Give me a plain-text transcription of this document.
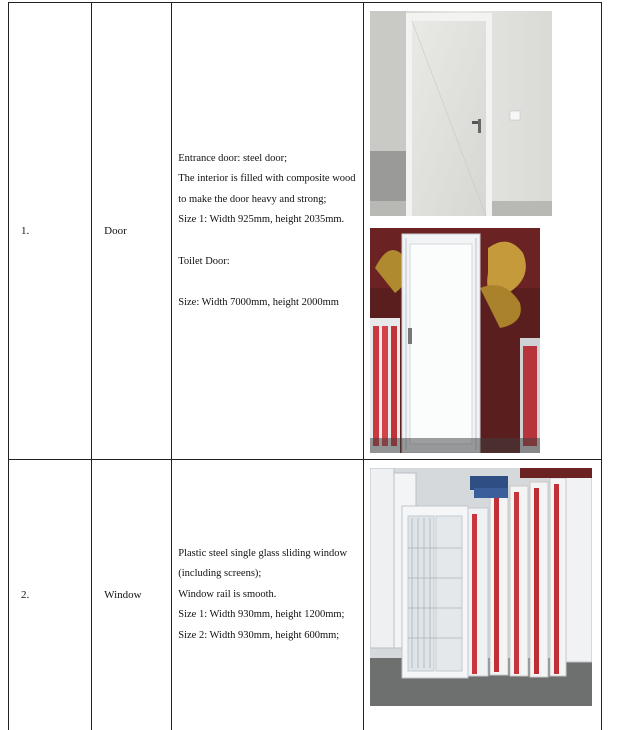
1.	Door	Entrance door: steel door;

The interior is filled with composite wood to make the door heavy and strong;

Size 1: Width 925mm, height 2035mm.

Toilet Door:

Size: Width 7000mm, height 2000mm

2.	Window	Plastic steel single glass sliding window (including screens);

Window rail is smooth.

Size 1: Width 930mm, height 1200mm;

Size 2: Width 930mm, height 600mm;
